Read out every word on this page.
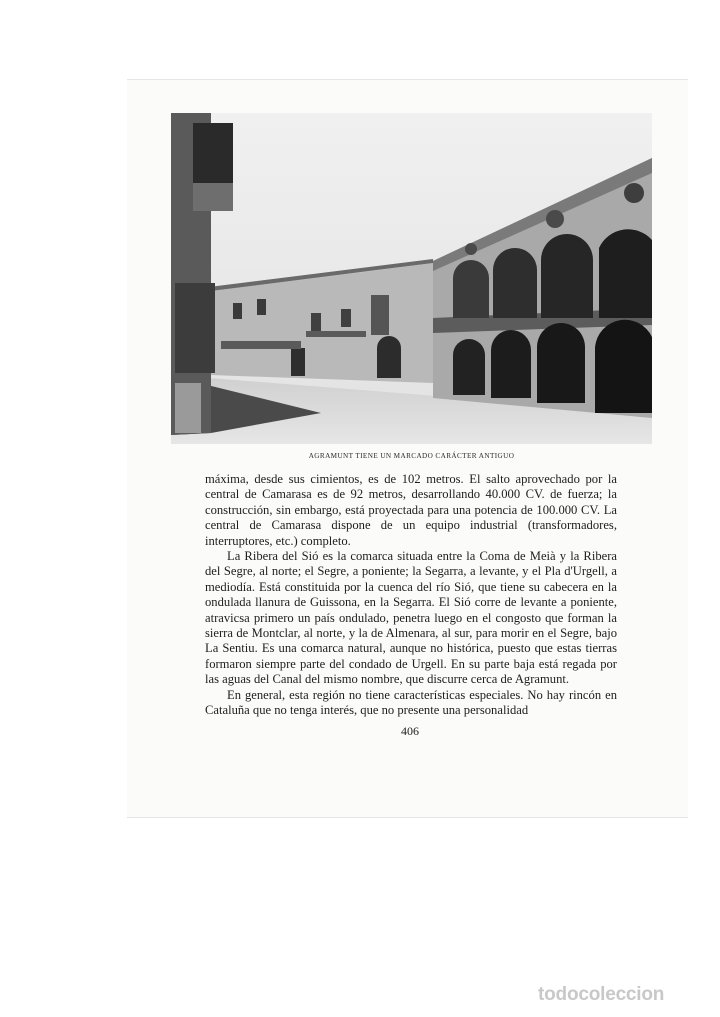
AGRAMUNT TIENE UN MARCADO CARÁCTER ANTIGUO

máxima, desde sus cimientos, es de 102 metros. El salto aprovechado por la central de Camarasa es de 92 metros, desarrollando 40.000 CV. de fuerza; la construcción, sin embargo, está proyectada para una potencia de 100.000 CV. La central de Camarasa dispone de un equipo industrial (transformadores, interruptores, etc.) completo.

La Ribera del Sió es la comarca situada entre la Coma de Meià y la Ribera del Segre, al norte; el Segre, a poniente; la Segarra, a levante, y el Pla d'Urgell, a mediodía. Está constituida por la cuenca del río Sió, que tiene su cabecera en la ondulada llanura de Guissona, en la Segarra. El Sió corre de levante a poniente, atravicsa primero un país ondulado, penetra luego en el congosto que forman la sierra de Montclar, al norte, y la de Almenara, al sur, para morir en el Segre, bajo La Sentiu. Es una comarca natural, aunque no histórica, puesto que estas tierras formaron siempre parte del condado de Urgell. En su parte baja está regada por las aguas del Canal del mismo nombre, que discurre cerca de Agramunt.

En general, esta región no tiene características especiales. No hay rincón en Cataluña que no tenga interés, que no presente una personalidad

406
todocoleccion
